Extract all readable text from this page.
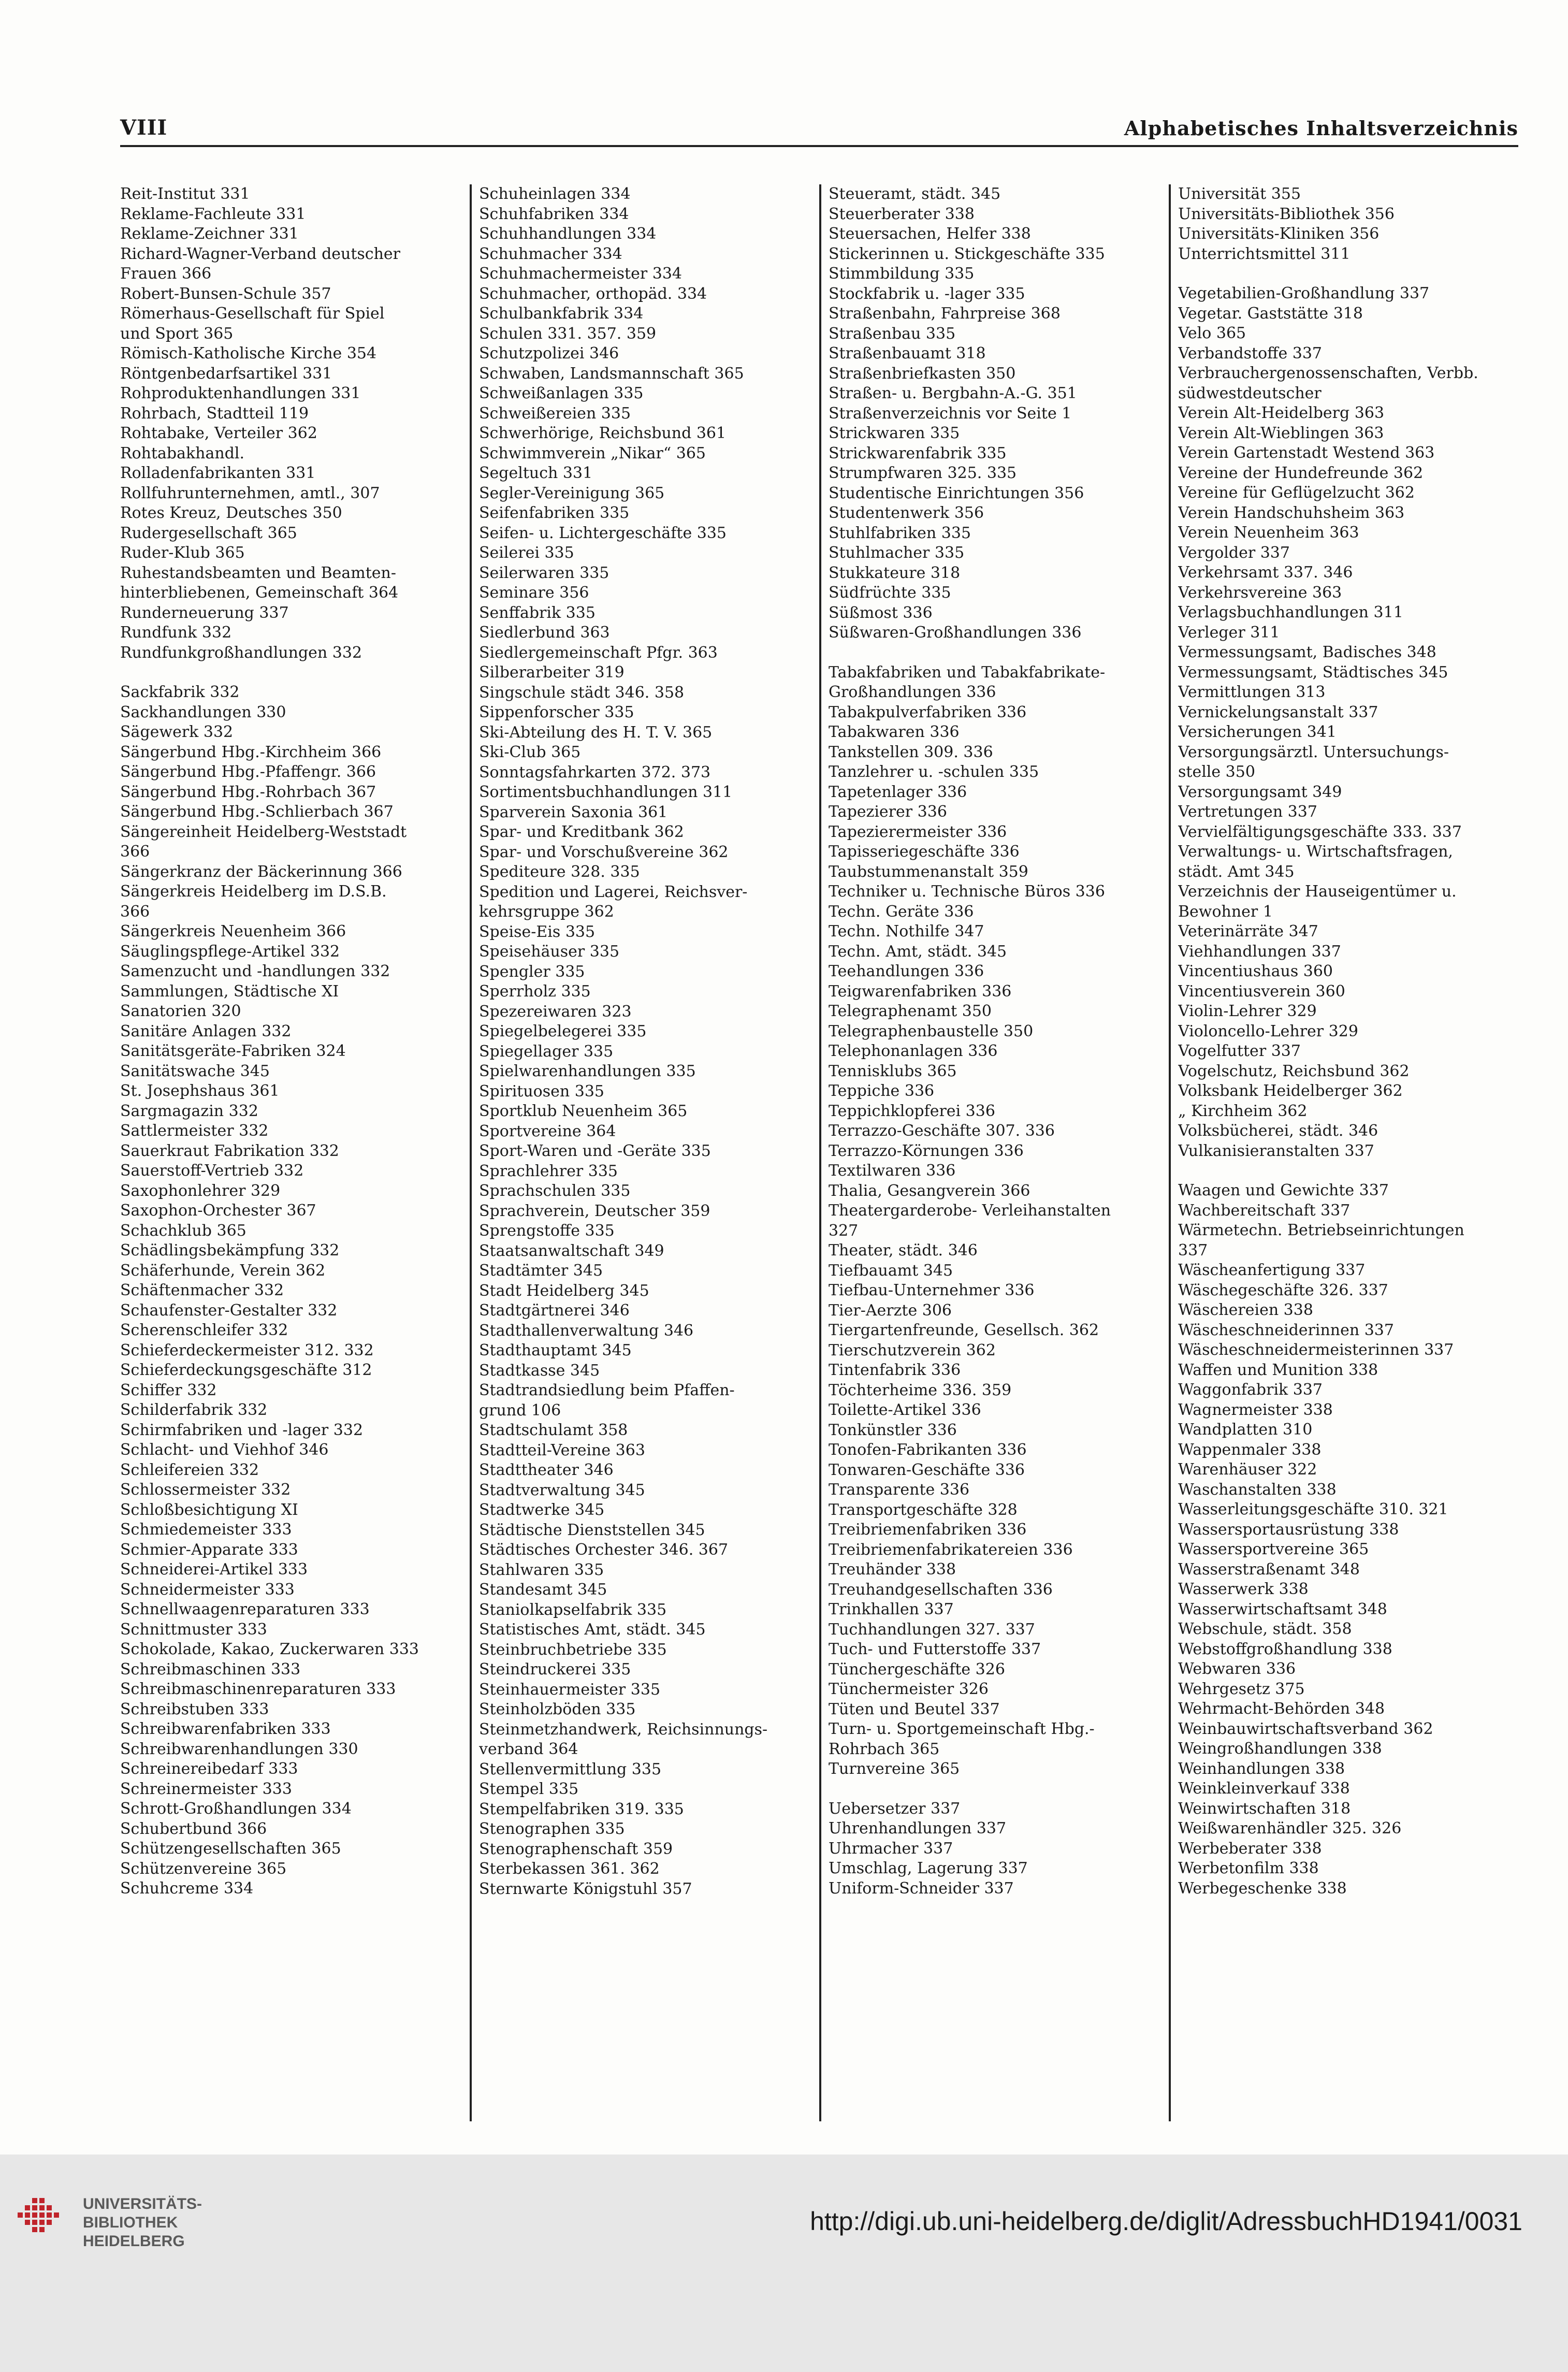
VIII	Alphabetisches Inhaltsverzeichnis
Reit-Institut 331
Reklame-Fachleute 331
Reklame-Zeichner 331
Richard-Wagner-Verband deutscher
Frauen 366
Robert-Bunsen-Schule 357
Römerhaus-Gesellschaft für Spiel
und Sport 365
Römisch-Katholische Kirche 354
Röntgenbedarfsartikel 331
Rohproduktenhandlungen 331
Rohrbach, Stadtteil 119
Rohtabake, Verteiler 362
Rohtabakhandl.
Rolladenfabrikanten 331
Rollfuhrunternehmen, amtl., 307
Rotes Kreuz, Deutsches 350
Rudergesellschaft 365
Ruder-Klub 365
Ruhestandsbeamten und Beamten-
hinterbliebenen, Gemeinschaft 364
Runderneuerung 337
Rundfunk 332
Rundfunkgroßhandlungen 332
Sackfabrik 332
Sackhandlungen 330
Sägewerk 332
Sängerbund Hbg.-Kirchheim 366
Sängerbund Hbg.-Pfaffengr. 366
Sängerbund Hbg.-Rohrbach 367
Sängerbund Hbg.-Schlierbach 367
Sängereinheit Heidelberg-Weststadt
366
Sängerkranz der Bäckerinnung 366
Sängerkreis Heidelberg im D.S.B.
366
Sängerkreis Neuenheim 366
Säuglingspflege-Artikel 332
Samenzucht und -handlungen 332
Sammlungen, Städtische XI
Sanatorien 320
Sanitäre Anlagen 332
Sanitätsgeräte-Fabriken 324
Sanitätswache 345
St. Josephshaus 361
Sargmagazin 332
Sattlermeister 332
Sauerkraut Fabrikation 332
Sauerstoff-Vertrieb 332
Saxophonlehrer 329
Saxophon-Orchester 367
Schachklub 365
Schädlingsbekämpfung 332
Schäferhunde, Verein 362
Schäftenmacher 332
Schaufenster-Gestalter 332
Scherenschleifer 332
Schieferdeckermeister 312. 332
Schieferdeckungsgeschäfte 312
Schiffer 332
Schilderfabrik 332
Schirmfabriken und -lager 332
Schlacht- und Viehhof 346
Schleifereien 332
Schlossermeister 332
Schloßbesichtigung XI
Schmiedemeister 333
Schmier-Apparate 333
Schneiderei-Artikel 333
Schneidermeister 333
Schnellwaagenreparaturen 333
Schnittmuster 333
Schokolade, Kakao, Zuckerwaren 333
Schreibmaschinen 333
Schreibmaschinenreparaturen 333
Schreibstuben 333
Schreibwarenfabriken 333
Schreibwarenhandlungen 330
Schreinereibedarf 333
Schreinermeister 333
Schrott-Großhandlungen 334
Schubertbund 366
Schützengesellschaften 365
Schützenvereine 365
Schuhcreme 334
Schuheinlagen 334
Schuhfabriken 334
Schuhhandlungen 334
Schuhmacher 334
Schuhmachermeister 334
Schuhmacher, orthopäd. 334
Schulbankfabrik 334
Schulen 331. 357. 359
Schutzpolizei 346
Schwaben, Landsmannschaft 365
Schweißanlagen 335
Schweißereien 335
Schwerhörige, Reichsbund 361
Schwimmverein „Nikar“ 365
Segeltuch 331
Segler-Vereinigung 365
Seifenfabriken 335
Seifen- u. Lichtergeschäfte 335
Seilerei 335
Seilerwaren 335
Seminare 356
Senffabrik 335
Siedlerbund 363
Siedlergemeinschaft Pfgr. 363
Silberarbeiter 319
Singschule städt 346. 358
Sippenforscher 335
Ski-Abteilung des H. T. V. 365
Ski-Club 365
Sonntagsfahrkarten 372. 373
Sortimentsbuchhandlungen 311
Sparverein Saxonia 361
Spar- und Kreditbank 362
Spar- und Vorschußvereine 362
Spediteure 328. 335
Spedition und Lagerei, Reichsver-
kehrsgruppe 362
Speise-Eis 335
Speisehäuser 335
Spengler 335
Sperrholz 335
Spezereiwaren 323
Spiegelbelegerei 335
Spiegellager 335
Spielwarenhandlungen 335
Spirituosen 335
Sportklub Neuenheim 365
Sportvereine 364
Sport-Waren und -Geräte 335
Sprachlehrer 335
Sprachschulen 335
Sprachverein, Deutscher 359
Sprengstoffe 335
Staatsanwaltschaft 349
Stadtämter 345
Stadt Heidelberg 345
Stadtgärtnerei 346
Stadthallenverwaltung 346
Stadthauptamt 345
Stadtkasse 345
Stadtrandsiedlung beim Pfaffen-
grund 106
Stadtschulamt 358
Stadtteil-Vereine 363
Stadttheater 346
Stadtverwaltung 345
Stadtwerke 345
Städtische Dienststellen 345
Städtisches Orchester 346. 367
Stahlwaren 335
Standesamt 345
Staniolkapselfabrik 335
Statistisches Amt, städt. 345
Steinbruchbetriebe 335
Steindruckerei 335
Steinhauermeister 335
Steinholzböden 335
Steinmetzhandwerk, Reichsinnungs-
verband 364
Stellenvermittlung 335
Stempel 335
Stempelfabriken 319. 335
Stenographen 335
Stenographenschaft 359
Sterbekassen 361. 362
Sternwarte Königstuhl 357
Steueramt, städt. 345
Steuerberater 338
Steuersachen, Helfer 338
Stickerinnen u. Stickgeschäfte 335
Stimmbildung 335
Stockfabrik u. -lager 335
Straßenbahn, Fahrpreise 368
Straßenbau 335
Straßenbauamt 318
Straßenbriefkasten 350
Straßen- u. Bergbahn-A.-G. 351
Straßenverzeichnis vor Seite 1
Strickwaren 335
Strickwarenfabrik 335
Strumpfwaren 325. 335
Studentische Einrichtungen 356
Studentenwerk 356
Stuhlfabriken 335
Stuhlmacher 335
Stukkateure 318
Südfrüchte 335
Süßmost 336
Süßwaren-Großhandlungen 336
Tabakfabriken und Tabakfabrikate-
Großhandlungen 336
Tabakpulverfabriken 336
Tabakwaren 336
Tankstellen 309. 336
Tanzlehrer u. -schulen 335
Tapetenlager 336
Tapezierer 336
Tapezierermeister 336
Tapisseriegeschäfte 336
Taubstummenanstalt 359
Techniker u. Technische Büros 336
Techn. Geräte 336
Techn. Nothilfe 347
Techn. Amt, städt. 345
Teehandlungen 336
Teigwarenfabriken 336
Telegraphenamt 350
Telegraphenbaustelle 350
Telephonanlagen 336
Tennisklubs 365
Teppiche 336
Teppichklopferei 336
Terrazzo-Geschäfte 307. 336
Terrazzo-Körnungen 336
Textilwaren 336
Thalia, Gesangverein 366
Theatergarderobe- Verleihanstalten
327
Theater, städt. 346
Tiefbauamt 345
Tiefbau-Unternehmer 336
Tier-Aerzte 306
Tiergartenfreunde, Gesellsch. 362
Tierschutzverein 362
Tintenfabrik 336
Töchterheime 336. 359
Toilette-Artikel 336
Tonkünstler 336
Tonofen-Fabrikanten 336
Tonwaren-Geschäfte 336
Transparente 336
Transportgeschäfte 328
Treibriemenfabriken 336
Treibriemenfabrikatereien 336
Treuhänder 338
Treuhandgesellschaften 336
Trinkhallen 337
Tuchhandlungen 327. 337
Tuch- und Futterstoffe 337
Tünchergeschäfte 326
Tünchermeister 326
Tüten und Beutel 337
Turn- u. Sportgemeinschaft Hbg.-
Rohrbach 365
Turnvereine 365
Uebersetzer 337
Uhrenhandlungen 337
Uhrmacher 337
Umschlag, Lagerung 337
Uniform-Schneider 337
Universität 355
Universitäts-Bibliothek 356
Universitäts-Kliniken 356
Unterrichtsmittel 311
Vegetabilien-Großhandlung 337
Vegetar. Gaststätte 318
Velo 365
Verbandstoffe 337
Verbrauchergenossenschaften, Verbb.
südwestdeutscher
Verein Alt-Heidelberg 363
Verein Alt-Wieblingen 363
Verein Gartenstadt Westend 363
Vereine der Hundefreunde 362
Vereine für Geflügelzucht 362
Verein Handschuhsheim 363
Verein Neuenheim 363
Vergolder 337
Verkehrsamt 337. 346
Verkehrsvereine 363
Verlagsbuchhandlungen 311
Verleger 311
Vermessungsamt, Badisches 348
Vermessungsamt, Städtisches 345
Vermittlungen 313
Vernickelungsanstalt 337
Versicherungen 341
Versorgungsärztl. Untersuchungs-
stelle 350
Versorgungsamt 349
Vertretungen 337
Vervielfältigungsgeschäfte 333. 337
Verwaltungs- u. Wirtschaftsfragen,
städt. Amt 345
Verzeichnis der Hauseigentümer u.
Bewohner 1
Veterinärräte 347
Viehhandlungen 337
Vincentiushaus 360
Vincentiusverein 360
Violin-Lehrer 329
Violoncello-Lehrer 329
Vogelfutter 337
Vogelschutz, Reichsbund 362
Volksbank Heidelberger 362
„ Kirchheim 362
Volksbücherei, städt. 346
Vulkanisieranstalten 337
Waagen und Gewichte 337
Wachbereitschaft 337
Wärmetechn. Betriebseinrichtungen
337
Wäscheanfertigung 337
Wäschegeschäfte 326. 337
Wäschereien 338
Wäscheschneiderinnen 337
Wäscheschneidermeisterinnen 337
Waffen und Munition 338
Waggonfabrik 337
Wagnermeister 338
Wandplatten 310
Wappenmaler 338
Warenhäuser 322
Waschanstalten 338
Wasserleitungsgeschäfte 310. 321
Wassersportausrüstung 338
Wassersportvereine 365
Wasserstraßenamt 348
Wasserwerk 338
Wasserwirtschaftsamt 348
Webschule, städt. 358
Webstoffgroßhandlung 338
Webwaren 336
Wehrgesetz 375
Wehrmacht-Behörden 348
Weinbauwirtschaftsverband 362
Weingroßhandlungen 338
Weinhandlungen 338
Weinkleinverkauf 338
Weinwirtschaften 318
Weißwarenhändler 325. 326
Werbeberater 338
Werbetonfilm 338
Werbegeschenke 338
UNIVERSITÄTS-
BIBLIOTHEK
HEIDELBERG
http://digi.ub.uni-heidelberg.de/diglit/AdressbuchHD1941/0031
